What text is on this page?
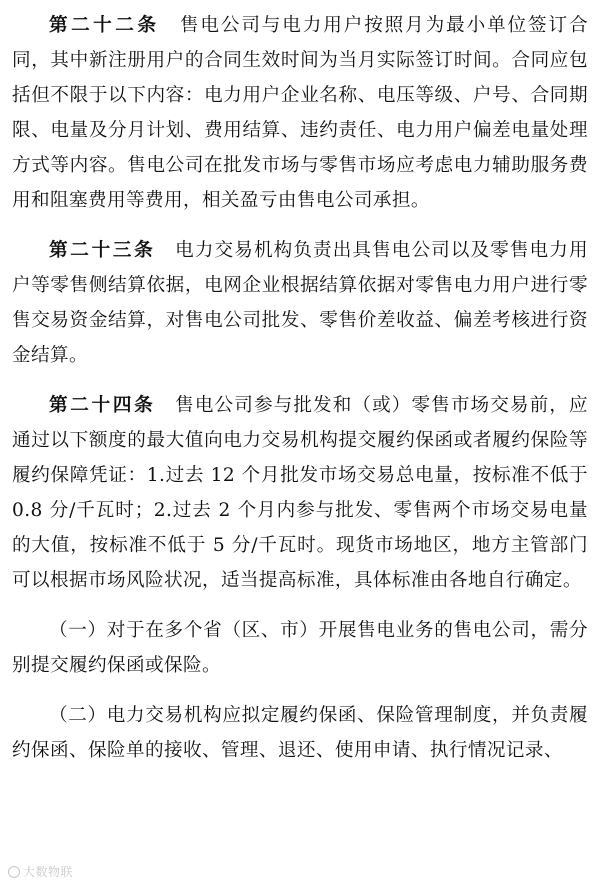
第二十二条　 售电公司与电力用户按照月为最小单位签订合同，其中新注册用户的合同生效时间为当月实际签订时间。合同应包括但不限于以下内容：电力用户企业名称、电压等级、户号、合同期限、电量及分月计划、费用结算、违约责任、电力用户偏差电量处理方式等内容。售电公司在批发市场与零售市场应考虑电力辅助服务费用和阻塞费用等费用，相关盈亏由售电公司承担。

第二十三条　 电力交易机构负责出具售电公司以及零售电力用户等零售侧结算依据，电网企业根据结算依据对零售电力用户进行零售交易资金结算，对售电公司批发、零售价差收益、偏差考核进行资金结算。

第二十四条　 售电公司参与批发和（或）零售市场交易前，应通过以下额度的最大值向电力交易机构提交履约保函或者履约保险等履约保障凭证：1.过去 12 个月批发市场交易总电量，按标准不低于 0.8 分/千瓦时；2.过去 2 个月内参与批发、零售两个市场交易电量的大值，按标准不低于 5 分/千瓦时。现货市场地区，地方主管部门可以根据市场风险状况，适当提高标准，具体标准由各地自行确定。

（一）对于在多个省（区、市）开展售电业务的售电公司，需分别提交履约保函或保险。

（二）电力交易机构应拟定履约保函、保险管理制度，并负责履约保函、保险单的接收、管理、退还、使用申请、执行情况记录、

大数物联
